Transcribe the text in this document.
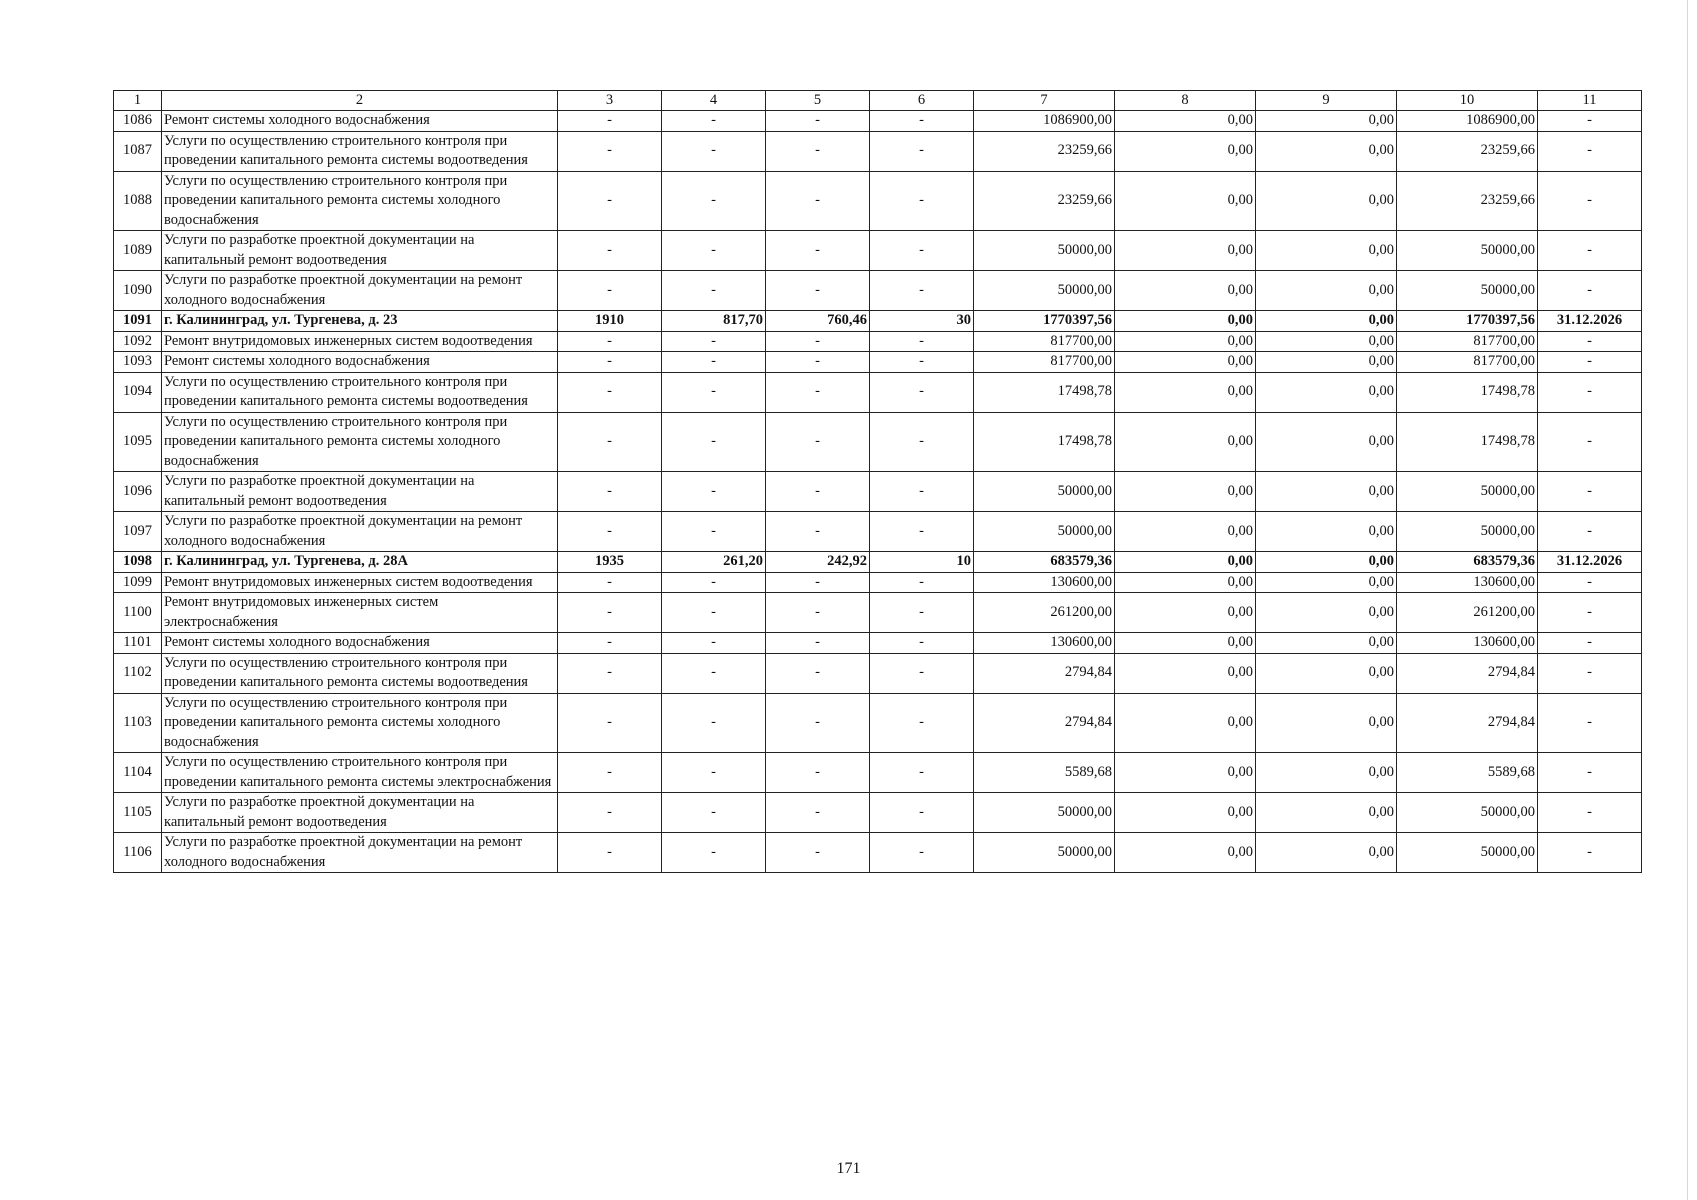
1	2	3	4	5	6	7	8	9	10	11
1086	Ремонт системы холодного водоснабжения	-	-	-	-	1086900,00	0,00	0,00	1086900,00	-
1087	Услуги по осуществлению строительного контроля при проведении капитального ремонта системы водоотведения	-	-	-	-	23259,66	0,00	0,00	23259,66	-
1088	Услуги по осуществлению строительного контроля при проведении капитального ремонта системы холодного водоснабжения	-	-	-	-	23259,66	0,00	0,00	23259,66	-
1089	Услуги по разработке проектной документации на капитальный ремонт водоотведения	-	-	-	-	50000,00	0,00	0,00	50000,00	-
1090	Услуги по разработке проектной документации на ремонт холодного водоснабжения	-	-	-	-	50000,00	0,00	0,00	50000,00	-
1091	г. Калининград, ул. Тургенева, д. 23	1910	817,70	760,46	30	1770397,56	0,00	0,00	1770397,56	31.12.2026
1092	Ремонт внутридомовых инженерных систем водоотведения	-	-	-	-	817700,00	0,00	0,00	817700,00	-
1093	Ремонт системы холодного водоснабжения	-	-	-	-	817700,00	0,00	0,00	817700,00	-
1094	Услуги по осуществлению строительного контроля при проведении капитального ремонта системы водоотведения	-	-	-	-	17498,78	0,00	0,00	17498,78	-
1095	Услуги по осуществлению строительного контроля при проведении капитального ремонта системы холодного водоснабжения	-	-	-	-	17498,78	0,00	0,00	17498,78	-
1096	Услуги по разработке проектной документации на капитальный ремонт водоотведения	-	-	-	-	50000,00	0,00	0,00	50000,00	-
1097	Услуги по разработке проектной документации на ремонт холодного водоснабжения	-	-	-	-	50000,00	0,00	0,00	50000,00	-
1098	г. Калининград, ул. Тургенева, д. 28А	1935	261,20	242,92	10	683579,36	0,00	0,00	683579,36	31.12.2026
1099	Ремонт внутридомовых инженерных систем водоотведения	-	-	-	-	130600,00	0,00	0,00	130600,00	-
1100	Ремонт внутридомовых инженерных систем электроснабжения	-	-	-	-	261200,00	0,00	0,00	261200,00	-
1101	Ремонт системы холодного водоснабжения	-	-	-	-	130600,00	0,00	0,00	130600,00	-
1102	Услуги по осуществлению строительного контроля при проведении капитального ремонта системы водоотведения	-	-	-	-	2794,84	0,00	0,00	2794,84	-
1103	Услуги по осуществлению строительного контроля при проведении капитального ремонта системы холодного водоснабжения	-	-	-	-	2794,84	0,00	0,00	2794,84	-
1104	Услуги по осуществлению строительного контроля при проведении капитального ремонта системы электроснабжения	-	-	-	-	5589,68	0,00	0,00	5589,68	-
1105	Услуги по разработке проектной документации на капитальный ремонт водоотведения	-	-	-	-	50000,00	0,00	0,00	50000,00	-
1106	Услуги по разработке проектной документации на ремонт холодного водоснабжения	-	-	-	-	50000,00	0,00	0,00	50000,00	-
171
